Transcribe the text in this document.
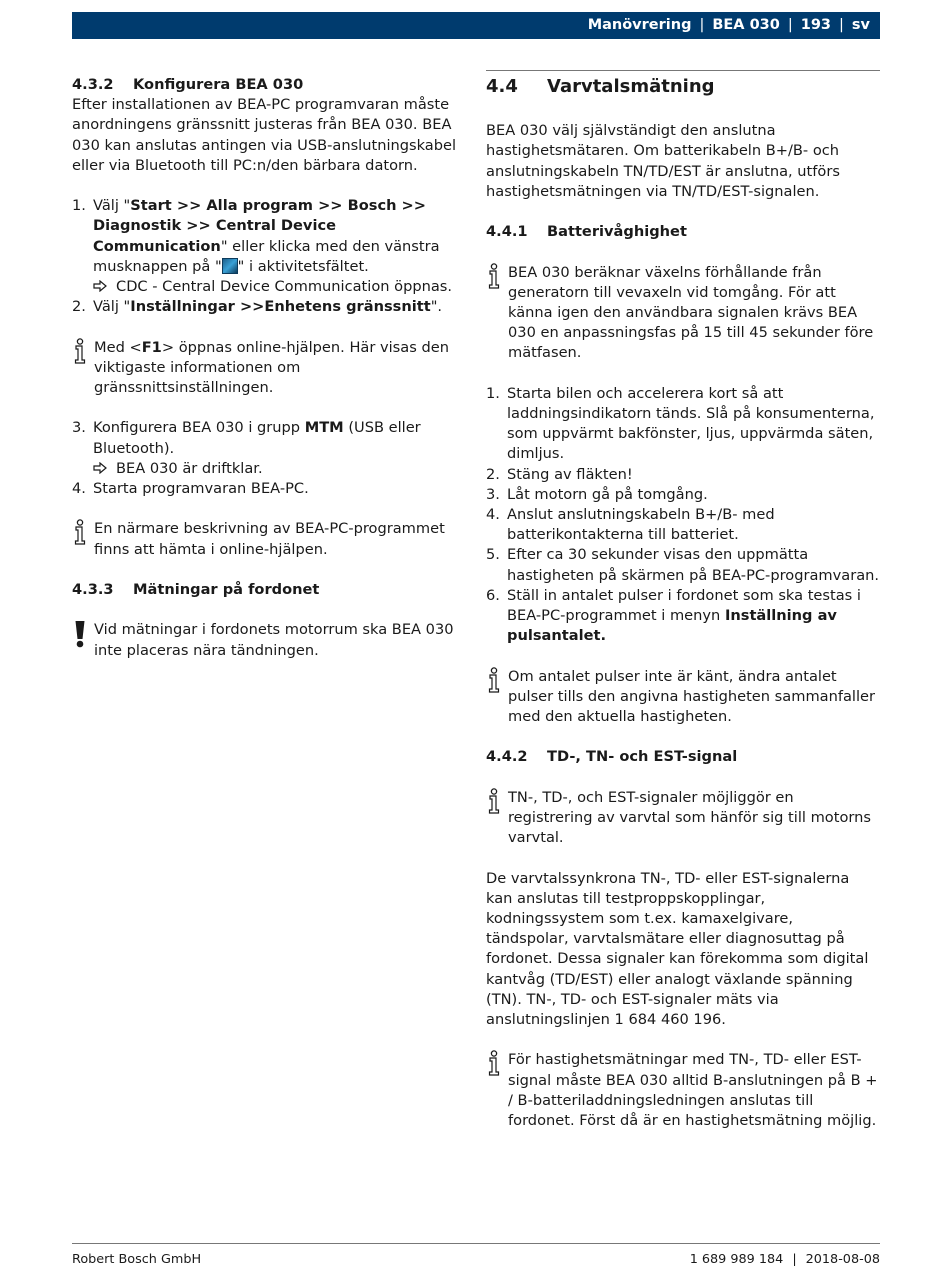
Manövrering | BEA 030 | 193 | sv
4.3.2	Konfigurera BEA 030

Efter installationen av BEA-PC programvaran måste anordningens gränssnitt justeras från BEA 030. BEA 030 kan anslutas antingen via USB-anslutningskabel eller via Bluetooth till PC:n/den bärbara datorn.

1. Välj "Start >> Alla program >> Bosch >> Diagnostik >> Central Device Communication" eller klicka med den vänstra musknappen på " " i aktivitetsfältet.
CDC - Central Device Communication öppnas.
2. Välj "Inställningar >>Enhetens gränssnitt".
Med <F1> öppnas online-hjälpen. Här visas den viktigaste informationen om gränssnittsinställningen.
3. Konfigurera BEA 030 i grupp MTM (USB eller Bluetooth).
BEA 030 är driftklar.
4. Starta programvaran BEA-PC.
En närmare beskrivning av BEA-PC-programmet finns att hämta i online-hjälpen.
4.3.3	Mätningar på fordonet
Vid mätningar i fordonets motorrum ska BEA 030 inte placeras nära tändningen.
4.4	Varvtalsmätning

BEA 030 välj självständigt den anslutna hastighetsmätaren. Om batterikabeln B+/B- och anslutningskabeln TN/TD/EST är anslutna, utförs hastighetsmätningen via TN/TD/EST-signalen.

4.4.1	Batterivåghighet
BEA 030 beräknar växelns förhållande från generatorn till vevaxeln vid tomgång. För att känna igen den användbara signalen krävs BEA 030 en anpassningsfas på 15 till 45 sekunder före mätfasen.
1. Starta bilen och accelerera kort så att laddningsindikatorn tänds. Slå på konsumenterna, som uppvärmt bakfönster, ljus, uppvärmda säten, dimljus.
2. Stäng av fläkten!
3. Låt motorn gå på tomgång.
4. Anslut anslutningskabeln B+/B- med batterikontakterna till batteriet.
5. Efter ca 30 sekunder visas den uppmätta hastigheten på skärmen på BEA-PC-programvaran.
6. Ställ in antalet pulser i fordonet som ska testas i BEA-PC-programmet i menyn Inställning av pulsantalet.
Om antalet pulser inte är känt, ändra antalet pulser tills den angivna hastigheten sammanfaller med den aktuella hastigheten.
4.4.2	TD-, TN- och EST-signal
TN-, TD-, och EST-signaler möjliggör en registrering av varvtal som hänför sig till motorns varvtal.

De varvtalssynkrona TN-, TD- eller EST-signalerna kan anslutas till testproppskopplingar, kodningssystem som t.ex. kamaxelgivare, tändspolar, varvtalsmätare eller diagnosuttag på fordonet. Dessa signaler kan förekomma som digital kantvåg (TD/EST) eller analogt växlande spänning (TN). TN-, TD- och EST-signaler mäts via anslutningslinjen 1 684 460 196.

För hastighetsmätningar med TN-, TD- eller EST-signal måste BEA 030 alltid B-anslutningen på B + / B-batteriladdningsledningen anslutas till fordonet. Först då är en hastighetsmätning möjlig.
Robert Bosch GmbH	1 689 989 184 | 2018-08-08
